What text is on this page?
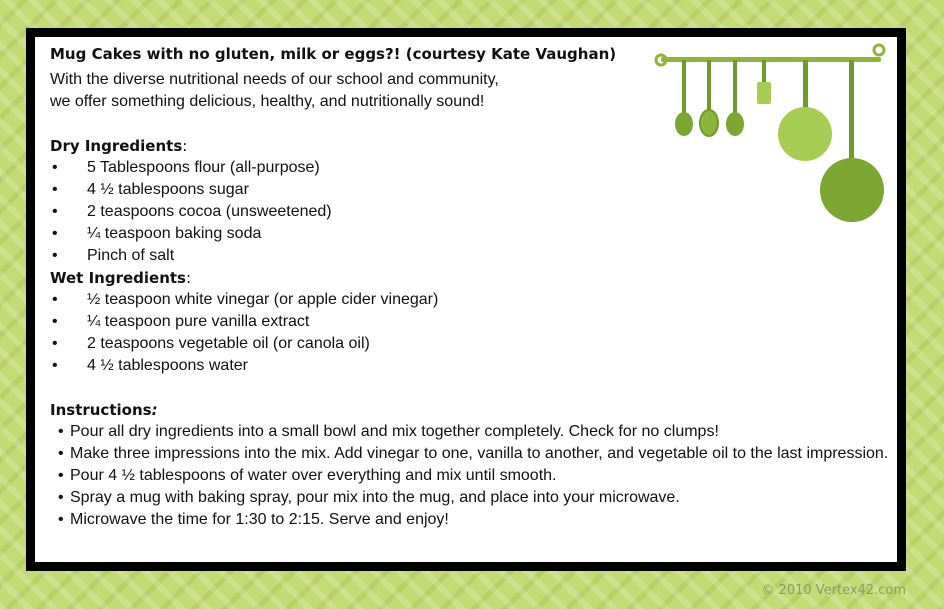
Mug Cakes with no gluten, milk or eggs?! (courtesy Kate Vaughan)

With the diverse nutritional needs of our school and community,

we offer something delicious, healthy, and nutritionally sound!

Dry Ingredients:

• 5 Tablespoons flour (all-purpose)
• 4 ½ tablespoons sugar
• 2 teaspoons cocoa (unsweetened)
• ¼ teaspoon baking soda
• Pinch of salt

Wet Ingredients:

• ½ teaspoon white vinegar (or apple cider vinegar)
• ¼ teaspoon pure vanilla extract
• 2 teaspoons vegetable oil (or canola oil)
• 4 ½ tablespoons water

Instructions:

• Pour all dry ingredients into a small bowl and mix together completely. Check for no clumps!
• Make three impressions into the mix. Add vinegar to one, vanilla to another, and vegetable oil to the last impression.
• Pour 4 ½ tablespoons of water over everything and mix until smooth.
• Spray a mug with baking spray, pour mix into the mug, and place into your microwave.
• Microwave the time for 1:30 to 2:15. Serve and enjoy!
© 2010 Vertex42.com
